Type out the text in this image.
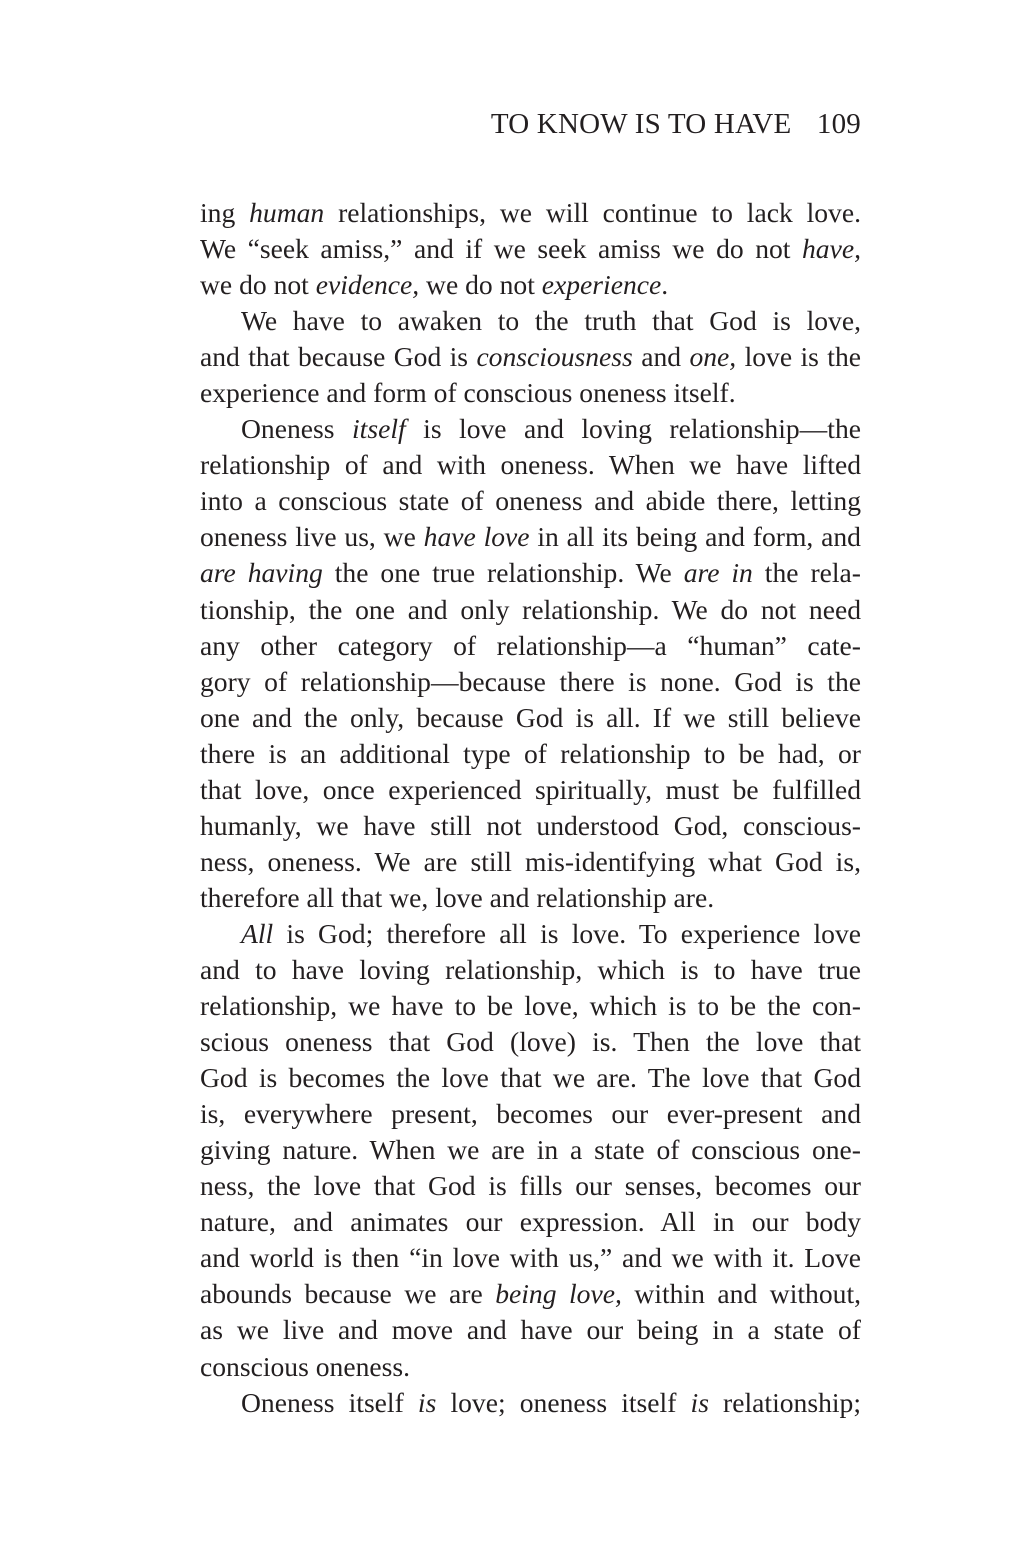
TO KNOW IS TO HAVE 109
ing human relationships, we will continue to lack love.
We “seek amiss,” and if we seek amiss we do not have,
we do not evidence, we do not experience.
We have to awaken to the truth that God is love,
and that because God is consciousness and one, love is the
experience and form of conscious oneness itself.
Oneness itself is love and loving relationship—the
relationship of and with oneness. When we have lifted
into a conscious state of oneness and abide there, letting
oneness live us, we have love in all its being and form, and
are having the one true relationship. We are in the rela-
tionship, the one and only relationship. We do not need
any other category of relationship—a “human” cate-
gory of relationship—because there is none. God is the
one and the only, because God is all. If we still believe
there is an additional type of relationship to be had, or
that love, once experienced spiritually, must be fulfilled
humanly, we have still not understood God, conscious-
ness, oneness. We are still mis-identifying what God is,
therefore all that we, love and relationship are.
All is God; therefore all is love. To experience love
and to have loving relationship, which is to have true
relationship, we have to be love, which is to be the con-
scious oneness that God (love) is. Then the love that
God is becomes the love that we are. The love that God
is, everywhere present, becomes our ever-present and
giving nature. When we are in a state of conscious one-
ness, the love that God is fills our senses, becomes our
nature, and animates our expression. All in our body
and world is then “in love with us,” and we with it. Love
abounds because we are being love, within and without,
as we live and move and have our being in a state of
conscious oneness.
Oneness itself is love; oneness itself is relationship;
